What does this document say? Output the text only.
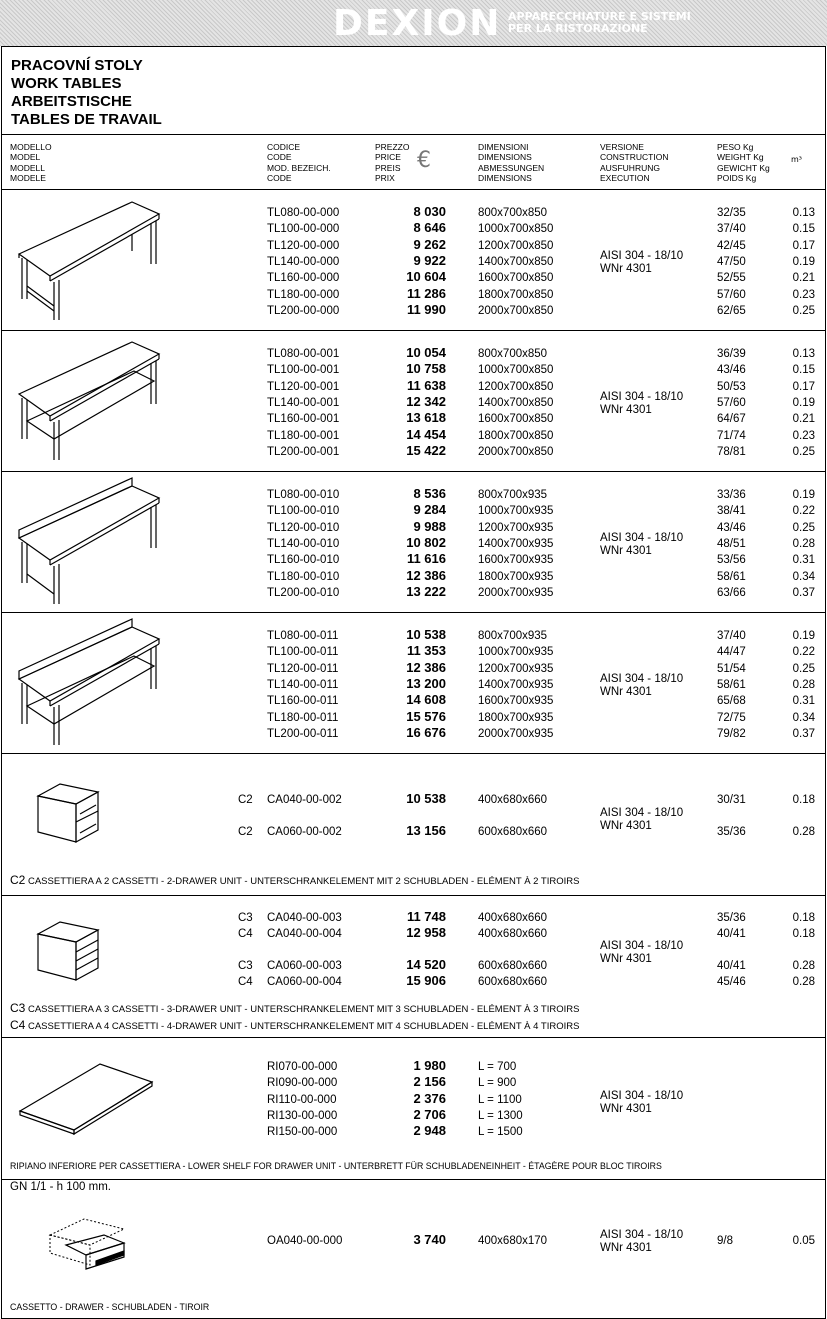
DEXION APPARECCHIATURE E SISTEMI
PER LA RISTORAZIONE
PRACOVNÍ STOLY
WORK TABLES
ARBEITSTISCHE
TABLES DE TRAVAIL
MODELLO
MODEL
MODELL
MODELE
CODICE
CODE
MOD. BEZEICH.
CODE
PREZZO
PRICE
PREIS
PRIX
€
DIMENSIONI
DIMENSIONS
ABMESSUNGEN
DIMENSIONS
VERSIONE
CONSTRUCTION
AUSFUHRUNG
EXECUTION
PESO Kg
WEIGHT Kg
GEWICHT Kg
POIDS Kg
m³
TL080-00-000	8 030	800x700x850	32/35	0.13
TL100-00-000	8 646	1000x700x850	37/40	0.15
TL120-00-000	9 262	1200x700x850	42/45	0.17
TL140-00-000	9 922	1400x700x850	47/50	0.19
TL160-00-000	10 604	1600x700x850	52/55	0.21
TL180-00-000	11 286	1800x700x850	57/60	0.23
TL200-00-000	11 990	2000x700x850	62/65	0.25
AISI 304 - 18/10
WNr 4301
TL080-00-001	10 054	800x700x850	36/39	0.13
TL100-00-001	10 758	1000x700x850	43/46	0.15
TL120-00-001	11 638	1200x700x850	50/53	0.17
TL140-00-001	12 342	1400x700x850	57/60	0.19
TL160-00-001	13 618	1600x700x850	64/67	0.21
TL180-00-001	14 454	1800x700x850	71/74	0.23
TL200-00-001	15 422	2000x700x850	78/81	0.25
AISI 304 - 18/10
WNr 4301
TL080-00-010	8 536	800x700x935	33/36	0.19
TL100-00-010	9 284	1000x700x935	38/41	0.22
TL120-00-010	9 988	1200x700x935	43/46	0.25
TL140-00-010	10 802	1400x700x935	48/51	0.28
TL160-00-010	11 616	1600x700x935	53/56	0.31
TL180-00-010	12 386	1800x700x935	58/61	0.34
TL200-00-010	13 222	2000x700x935	63/66	0.37
AISI 304 - 18/10
WNr 4301
TL080-00-011	10 538	800x700x935	37/40	0.19
TL100-00-011	11 353	1000x700x935	44/47	0.22
TL120-00-011	12 386	1200x700x935	51/54	0.25
TL140-00-011	13 200	1400x700x935	58/61	0.28
TL160-00-011	14 608	1600x700x935	65/68	0.31
TL180-00-011	15 576	1800x700x935	72/75	0.34
TL200-00-011	16 676	2000x700x935	79/82	0.37
AISI 304 - 18/10
WNr 4301
C2 CA040-00-002	10 538	400x680x660	30/31	0.18
C2 CA060-00-002	13 156	600x680x660	35/36	0.28
AISI 304 - 18/10
WNr 4301
C2 CASSETTIERA A 2 CASSETTI - 2-DRAWER UNIT - UNTERSCHRANKELEMENT MIT 2 SCHUBLADEN - ELÉMENT À 2 TIROIRS
C3 CA040-00-003	11 748	400x680x660	35/36	0.18
C4 CA040-00-004	12 958	400x680x660	40/41	0.18
C3 CA060-00-003	14 520	600x680x660	40/41	0.28
C4 CA060-00-004	15 906	600x680x660	45/46	0.28
AISI 304 - 18/10
WNr 4301
C3 CASSETTIERA A 3 CASSETTI - 3-DRAWER UNIT - UNTERSCHRANKELEMENT MIT 3 SCHUBLADEN - ELÉMENT À 3 TIROIRS
C4 CASSETTIERA A 4 CASSETTI - 4-DRAWER UNIT - UNTERSCHRANKELEMENT MIT 4 SCHUBLADEN - ELÉMENT À 4 TIROIRS
RI070-00-000	1 980	L = 700
RI090-00-000	2 156	L = 900
RI110-00-000	2 376	L = 1100
RI130-00-000	2 706	L = 1300
RI150-00-000	2 948	L = 1500
AISI 304 - 18/10
WNr 4301
RIPIANO INFERIORE PER CASSETTIERA - LOWER SHELF FOR DRAWER UNIT - UNTERBRETT FÜR SCHUBLADENEINHEIT - ÉTAGÈRE POUR BLOC TIROIRS
GN 1/1 - h 100 mm.
OA040-00-000	3 740	400x680x170	9/8	0.05
AISI 304 - 18/10
WNr 4301
CASSETTO - DRAWER - SCHUBLADEN - TIROIR
